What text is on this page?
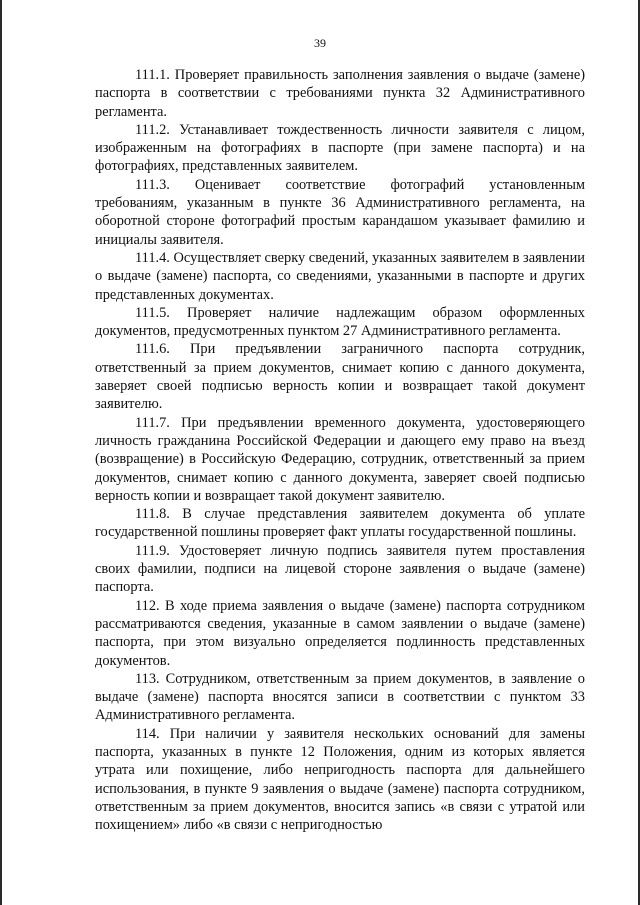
39

111.1. Проверяет правильность заполнения заявления о выдаче (замене) паспорта в соответствии с требованиями пункта 32 Административного регламента.

111.2. Устанавливает тождественность личности заявителя с лицом, изображенным на фотографиях в паспорте (при замене паспорта) и на фотографиях, представленных заявителем.

111.3. Оценивает соответствие фотографий установленным требованиям, указанным в пункте 36 Административного регламента, на оборотной стороне фотографий простым карандашом указывает фамилию и инициалы заявителя.

111.4. Осуществляет сверку сведений, указанных заявителем в заявлении о выдаче (замене) паспорта, со сведениями, указанными в паспорте и других представленных документах.

111.5. Проверяет наличие надлежащим образом оформленных документов, предусмотренных пунктом 27 Административного регламента.

111.6. При предъявлении заграничного паспорта сотрудник, ответственный за прием документов, снимает копию с данного документа, заверяет своей подписью верность копии и возвращает такой документ заявителю.

111.7. При предъявлении временного документа, удостоверяющего личность гражданина Российской Федерации и дающего ему право на въезд (возвращение) в Российскую Федерацию, сотрудник, ответственный за прием документов, снимает копию с данного документа, заверяет своей подписью верность копии и возвращает такой документ заявителю.

111.8. В случае представления заявителем документа об уплате государственной пошлины проверяет факт уплаты государственной пошлины.

111.9. Удостоверяет личную подпись заявителя путем проставления своих фамилии, подписи на лицевой стороне заявления о выдаче (замене) паспорта.

112. В ходе приема заявления о выдаче (замене) паспорта сотрудником рассматриваются сведения, указанные в самом заявлении о выдаче (замене) паспорта, при этом визуально определяется подлинность представленных документов.

113. Сотрудником, ответственным за прием документов, в заявление о выдаче (замене) паспорта вносятся записи в соответствии с пунктом 33 Административного регламента.

114. При наличии у заявителя нескольких оснований для замены паспорта, указанных в пункте 12 Положения, одним из которых является утрата или похищение, либо непригодность паспорта для дальнейшего использования, в пункте 9 заявления о выдаче (замене) паспорта сотрудником, ответственным за прием документов, вносится запись «в связи с утратой или похищением» либо «в связи с непригодностью
